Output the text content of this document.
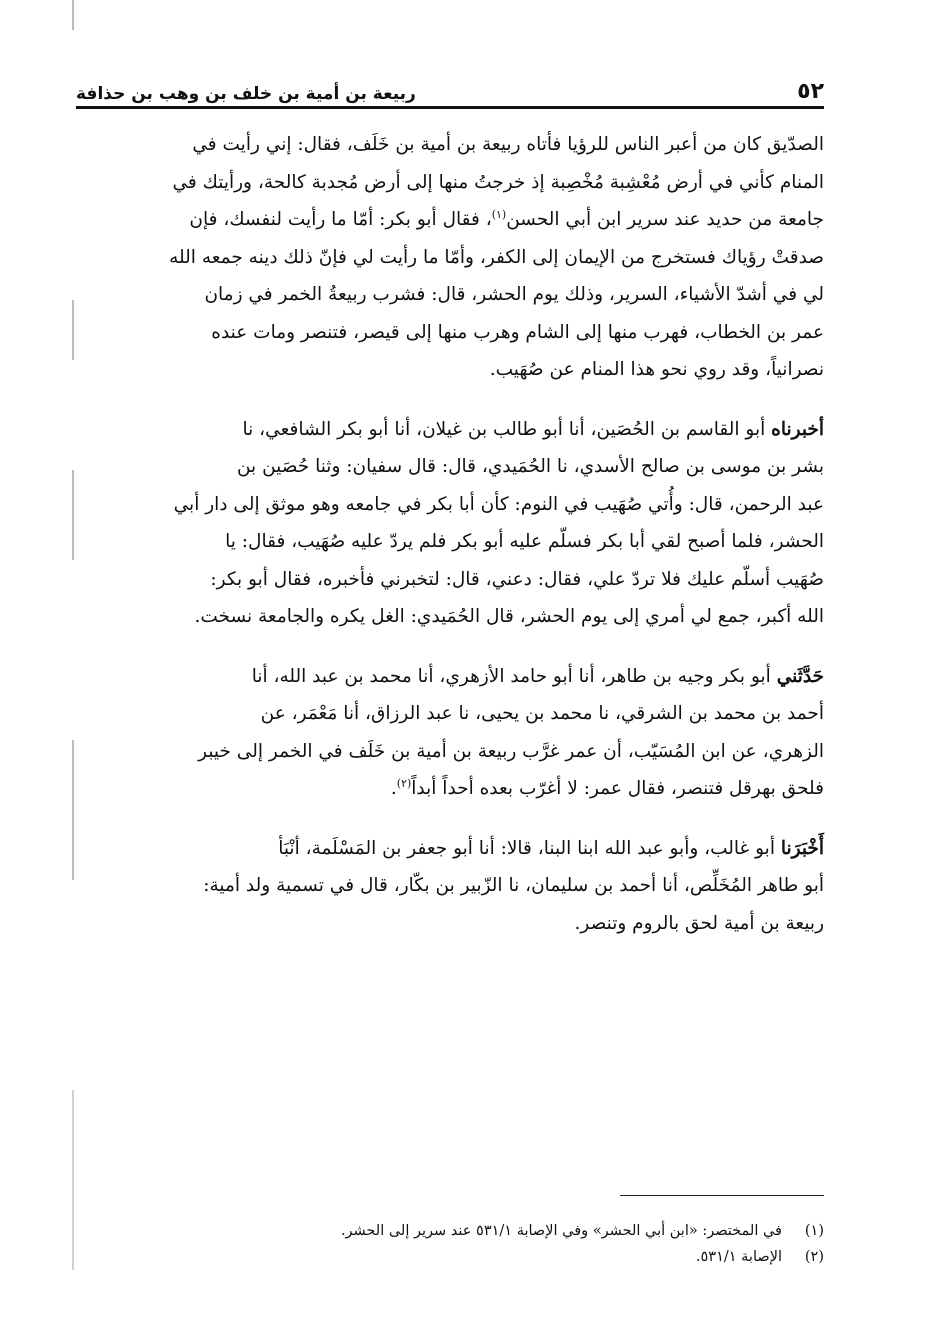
٥٢
ربيعة بن أمية بن خلف بن وهب بن حذافة

الصدّيق كان من أعبر الناس للرؤيا فأتاه ربيعة بن أمية بن خَلَف، فقال: إني رأيت في

المنام كأني في أرض مُعْشِبة مُخْصِبة إذ خرجتُ منها إلى أرض مُجدبة كالحة، ورأيتك في

جامعة من حديد عند سرير ابن أبي الحسن$^{(١)}$، فقال أبو بكر: أمّا ما رأيت لنفسك، فإن

صدقتْ رؤياك فستخرج من الإيمان إلى الكفر، وأمّا ما رأيت لي فإنّ ذلك دينه جمعه الله

لي في أشدّ الأشياء، السرير، وذلك يوم الحشر، قال: فشرب ربيعةُ الخمر في زمان

عمر بن الخطاب، فهرب منها إلى الشام وهرب منها إلى قيصر، فتنصر ومات عنده

نصرانياً، وقد روي نحو هذا المنام عن صُهَيب.

أخبرناه أبو القاسم بن الحُصَين، أنا أبو طالب بن غيلان، أنا أبو بكر الشافعي، نا

بشر بن موسى بن صالح الأسدي، نا الحُمَيدي، قال: قال سفيان: وثنا حُصَين بن

عبد الرحمن، قال: وأُتي صُهَيب في النوم: كأن أبا بكر في جامعه وهو موثق إلى دار أبي

الحشر، فلما أصبح لقي أبا بكر فسلّم عليه أبو بكر فلم يردّ عليه صُهَيب، فقال: يا

صُهَيب أسلّم عليك فلا تردّ علي، فقال: دعني، قال: لتخبرني فأخبره، فقال أبو بكر:

الله أكبر، جمع لي أمري إلى يوم الحشر، قال الحُمَيدي: الغل يكره والجامعة نسخت.

حَدَّثَني أبو بكر وجيه بن طاهر، أنا أبو حامد الأزهري، أنا محمد بن عبد الله، أنا

أحمد بن محمد بن الشرقي، نا محمد بن يحيى، نا عبد الرزاق، أنا مَعْمَر، عن

الزهري، عن ابن المُسَيّب، أن عمر غرَّب ربيعة بن أمية بن خَلَف في الخمر إلى خيبر

فلحق بهرقل فتنصر، فقال عمر: لا أغرّب بعده أحداً أبداً$^{(٢)}$.

أَخْبَرَنا أبو غالب، وأبو عبد الله ابنا البنا، قالا: أنا أبو جعفر بن المَسْلَمة، أنْبَأ

أبو طاهر المُخَلِّص، أنا أحمد بن سليمان، نا الزّبير بن بكّار، قال في تسمية ولد أمية:

ربيعة بن أمية لحق بالروم وتنصر.

(١)
في المختصر: «ابن أبي الحشر» وفي الإصابة ٥٣١/١ عند سرير إلى الحشر.
(٢)
الإصابة ٥٣١/١.
